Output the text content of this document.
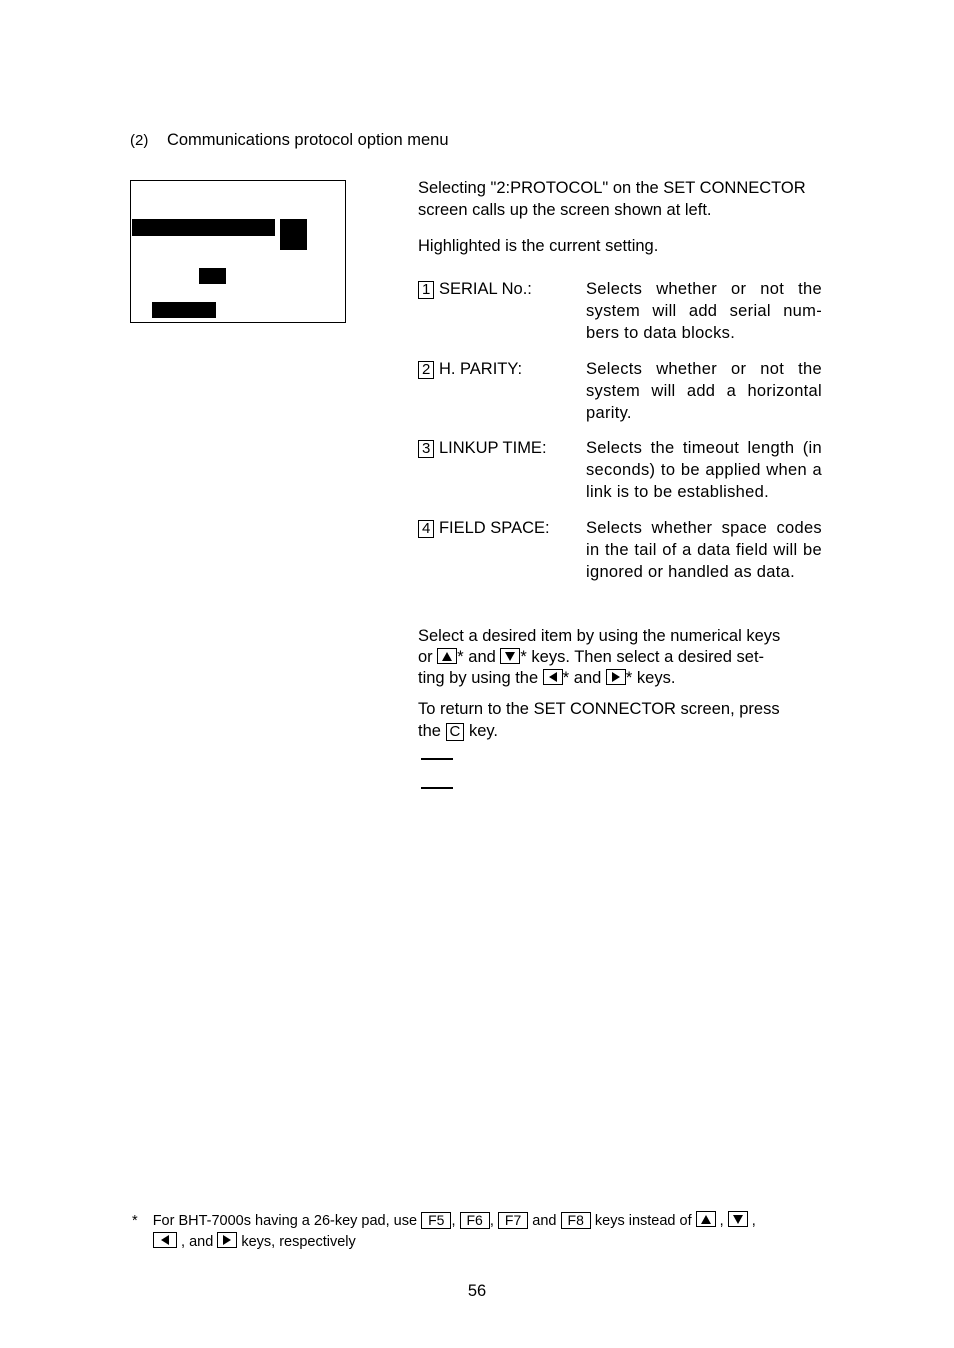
(2) Communications protocol option menu
Selecting "2:PROTOCOL" on the SET CONNECTOR
screen calls up the screen shown at left.
Highlighted is the current setting.
1 SERIAL No.:	Selects whether or not the system will add serial num-bers to data blocks.
2 H. PARITY:	Selects whether or not the system will add a horizontal parity.
3 LINKUP TIME: Selects the timeout length (in seconds) to be applied when a link is to be established.
4 FIELD SPACE: Selects whether space codes in the tail of a data field will be ignored or handled as data.
Select a desired item by using the numerical keys
or * and * keys. Then select a desired set-
ting by using the * and * keys.
To return to the SET CONNECTOR screen, press
the C key.
* For BHT-7000s having a 26-key pad, use F5 , F6 , F7 and F8 keys instead of
,
,
, and keys, respectively
56
